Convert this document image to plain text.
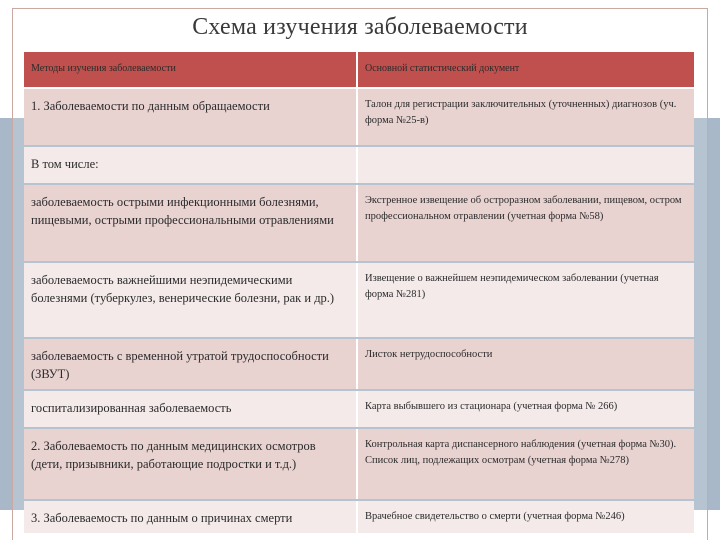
Схема изучения заболеваемости
Методы изучения заболеваемости	Основной статистический документ
1. Заболеваемости по данным обращаемости	Талон для регистрации заключительных (уточненных) диагнозов (уч. форма №25-в)
В том числе:	
заболеваемость острыми инфекционными болезнями, пищевыми, острыми профессиональными отравлениями	Экстренное извещение об остроразном заболевании, пищевом, остром профессиональном отравлении (учетная форма №58)
заболеваемость важнейшими неэпидемическими болезнями (туберкулез, венерические болезни, рак и др.)	Извещение о важнейшем неэпидемическом заболевании (учетная форма №281)
заболеваемость с временной утратой трудоспособности (ЗВУТ)	Листок нетрудоспособности
госпитализированная заболеваемость	Карта выбывшего из стационара (учетная форма № 266)
2. Заболеваемость по данным медицинских осмотров (дети, призывники, работающие подростки и т.д.)	Контрольная карта диспансерного наблюдения (учетная форма №30). Список лиц, подлежащих осмотрам (учетная форма №278)
3. Заболеваемость по данным о причинах смерти	Врачебное свидетельство о смерти (учетная форма №246)
